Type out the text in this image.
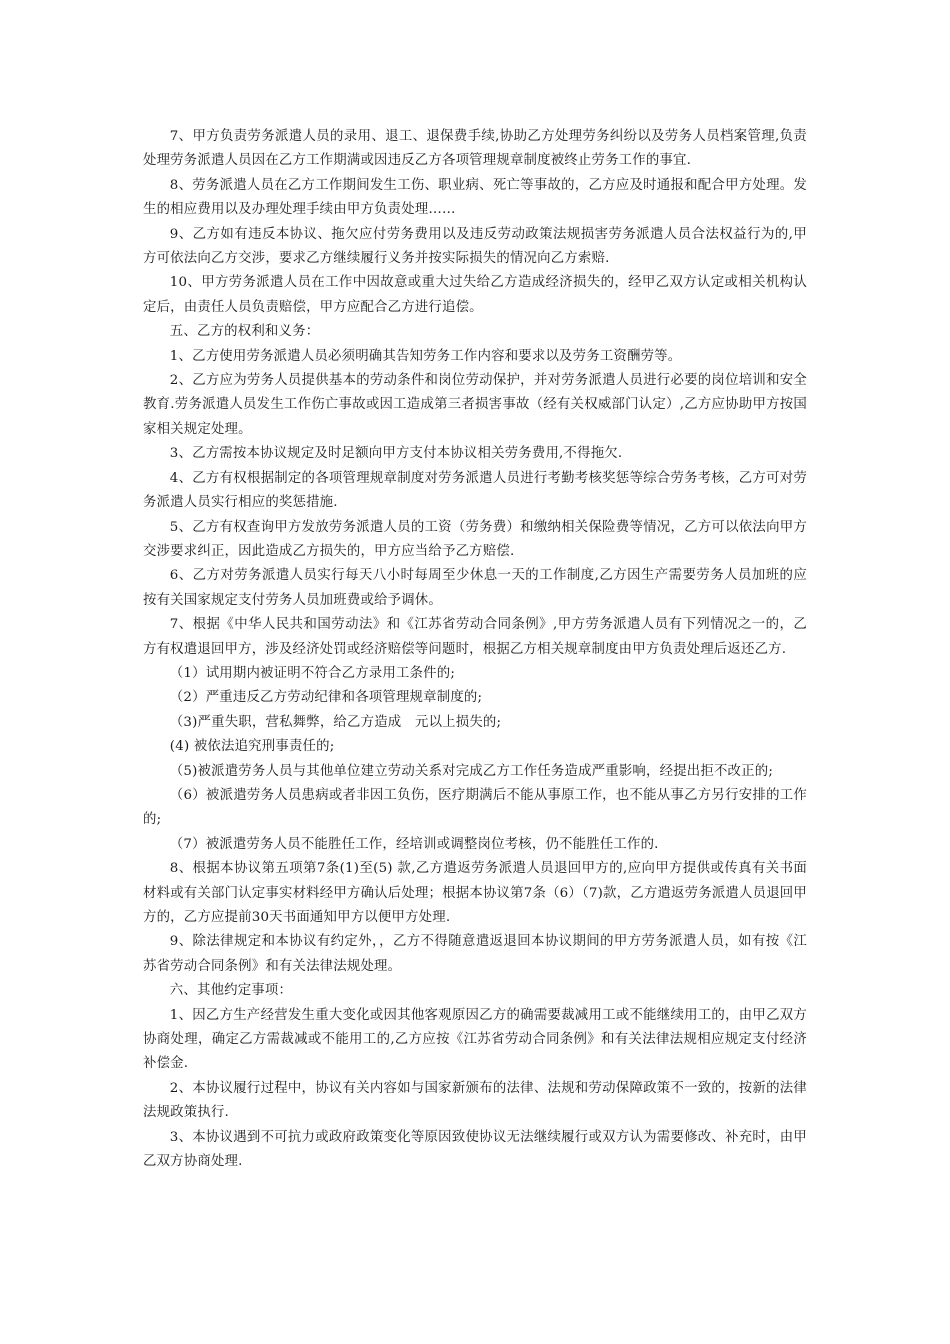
7、甲方负责劳务派遣人员的录用、退工、退保费手续,协助乙方处理劳务纠纷以及劳务人员档案管理,负责处理劳务派遣人员因在乙方工作期满或因违反乙方各项管理规章制度被终止劳务工作的事宜.

8、劳务派遣人员在乙方工作期间发生工伤、职业病、死亡等事故的，乙方应及时通报和配合甲方处理。发生的相应费用以及办理处理手续由甲方负责处理……

9、乙方如有违反本协议、拖欠应付劳务费用以及违反劳动政策法规损害劳务派遣人员合法权益行为的,甲方可依法向乙方交涉，要求乙方继续履行义务并按实际损失的情况向乙方索赔.

10、甲方劳务派遣人员在工作中因故意或重大过失给乙方造成经济损失的，经甲乙双方认定或相关机构认定后，由责任人员负责赔偿，甲方应配合乙方进行追偿。

五、乙方的权利和义务：

1、乙方使用劳务派遣人员必须明确其告知劳务工作内容和要求以及劳务工资酬劳等。

2、乙方应为劳务人员提供基本的劳动条件和岗位劳动保护，并对劳务派遣人员进行必要的岗位培训和安全教育.劳务派遣人员发生工作伤亡事故或因工造成第三者损害事故（经有关权威部门认定）,乙方应协助甲方按国家相关规定处理。

3、乙方需按本协议规定及时足额向甲方支付本协议相关劳务费用,不得拖欠.

4、乙方有权根据制定的各项管理规章制度对劳务派遣人员进行考勤考核奖惩等综合劳务考核，乙方可对劳务派遣人员实行相应的奖惩措施.

5、乙方有权查询甲方发放劳务派遣人员的工资（劳务费）和缴纳相关保险费等情况，乙方可以依法向甲方交涉要求纠正，因此造成乙方损失的，甲方应当给予乙方赔偿.

6、乙方对劳务派遣人员实行每天八小时每周至少休息一天的工作制度,乙方因生产需要劳务人员加班的应按有关国家规定支付劳务人员加班费或给予调休。

7、根据《中华人民共和国劳动法》和《江苏省劳动合同条例》,甲方劳务派遣人员有下列情况之一的，乙方有权遣退回甲方，涉及经济处罚或经济赔偿等问题时，根据乙方相关规章制度由甲方负责处理后返还乙方.

（1）试用期内被证明不符合乙方录用工条件的;

（2）严重违反乙方劳动纪律和各项管理规章制度的;

（3)严重失职，营私舞弊，给乙方造成　元以上损失的;

(4) 被依法追究刑事责任的;

（5)被派遣劳务人员与其他单位建立劳动关系对完成乙方工作任务造成严重影响，经提出拒不改正的;

（6）被派遣劳务人员患病或者非因工负伤，医疗期满后不能从事原工作，也不能从事乙方另行安排的工作的;

（7）被派遣劳务人员不能胜任工作，经培训或调整岗位考核，仍不能胜任工作的.

8、根据本协议第五项第7条(1)至(5) 款,乙方遣返劳务派遣人员退回甲方的,应向甲方提供或传真有关书面材料或有关部门认定事实材料经甲方确认后处理；根据本协议第7条（6）（7)款，乙方遣返劳务派遣人员退回甲方的，乙方应提前30天书面通知甲方以便甲方处理.

9、除法律规定和本协议有约定外，，乙方不得随意遣返退回本协议期间的甲方劳务派遣人员，如有按《江苏省劳动合同条例》和有关法律法规处理。

六、其他约定事项：

1、因乙方生产经营发生重大变化或因其他客观原因乙方的确需要裁减用工或不能继续用工的，由甲乙双方协商处理，确定乙方需裁减或不能用工的,乙方应按《江苏省劳动合同条例》和有关法律法规相应规定支付经济补偿金.

2、本协议履行过程中，协议有关内容如与国家新颁布的法律、法规和劳动保障政策不一致的，按新的法律法规政策执行.

3、本协议遇到不可抗力或政府政策变化等原因致使协议无法继续履行或双方认为需要修改、补充时，由甲乙双方协商处理.
